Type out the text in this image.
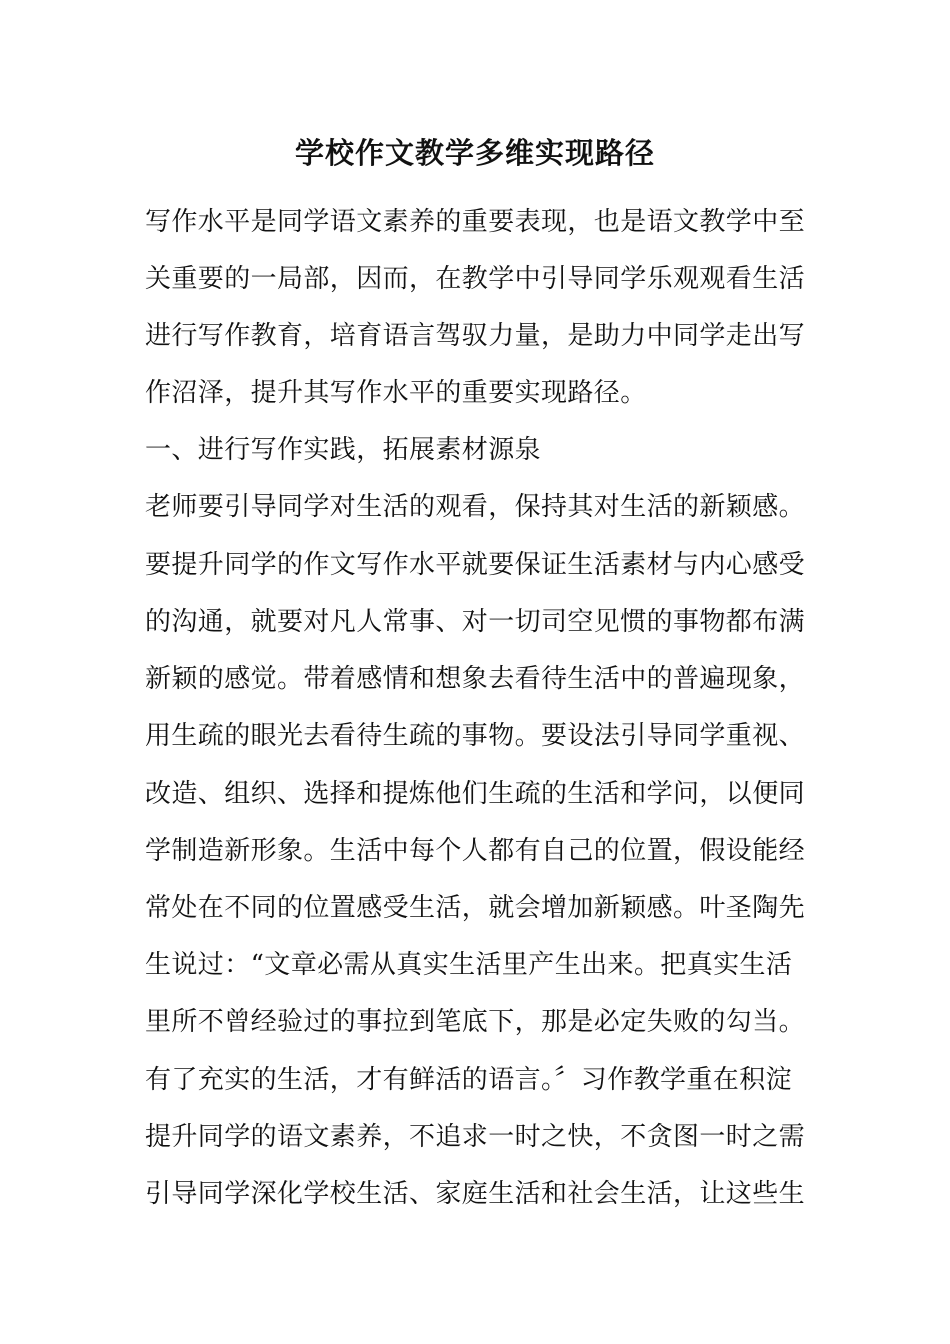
学校作文教学多维实现路径
写作水平是同学语文素养的重要表现，也是语文教学中至
关重要的一局部，因而，在教学中引导同学乐观观看生活
进行写作教育，培育语言驾驭力量，是助力中同学走出写
作沼泽，提升其写作水平的重要实现路径。
一、进行写作实践，拓展素材源泉
老师要引导同学对生活的观看，保持其对生活的新颖感。
要提升同学的作文写作水平就要保证生活素材与内心感受
的沟通，就要对凡人常事、对一切司空见惯的事物都布满
新颖的感觉。带着感情和想象去看待生活中的普遍现象，
用生疏的眼光去看待生疏的事物。要设法引导同学重视、
改造、组织、选择和提炼他们生疏的生活和学问，以便同
学制造新形象。生活中每个人都有自己的位置，假设能经
常处在不同的位置感受生活，就会增加新颖感。叶圣陶先
生说过：“文章必需从真实生活里产生出来。把真实生活
里所不曾经验过的事拉到笔底下，那是必定失败的勾当。
有了充实的生活，才有鲜活的语言。〞习作教学重在积淀
提升同学的语文素养，不追求一时之快，不贪图一时之需
引导同学深化学校生活、家庭生活和社会生活，让这些生
